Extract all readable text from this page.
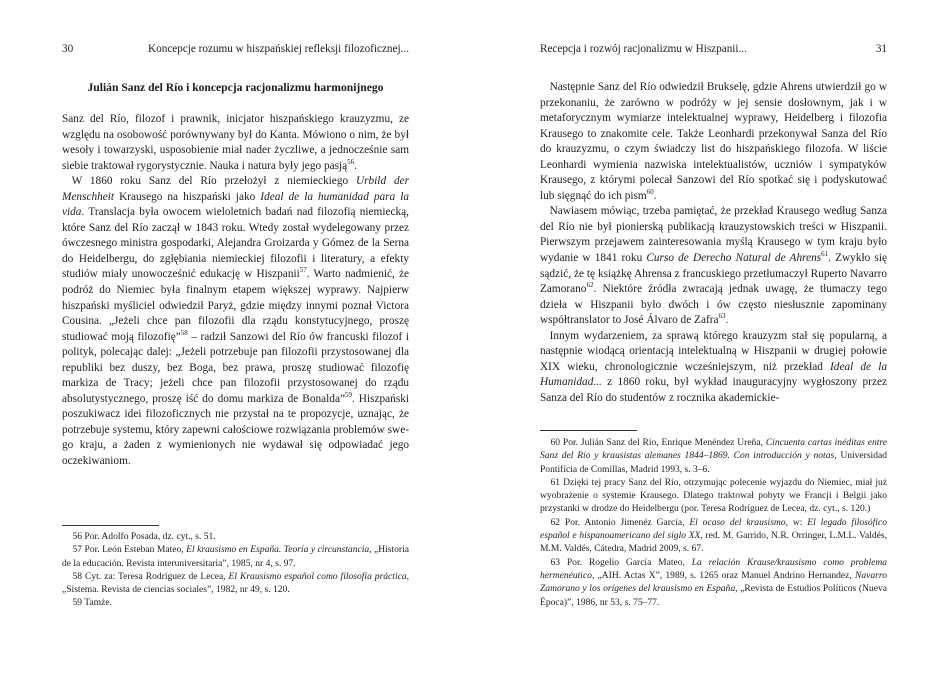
30	Koncepcje rozumu w hiszpańskiej refleksji filozoficznej...
Julián Sanz del Río i koncepcja racjonalizmu harmonijnego

Sanz del Río, filozof i prawnik, inicjator hiszpańskiego krauzyzmu, ze względu na osobowość porównywany był do Kanta. Mówiono o nim, że był wesoły i towarzyski, usposobienie miał nader życzliwe, a jednocześnie sam siebie traktował rygorystycznie. Nauka i natura były jego pasją$^{56}$.

W 1860 roku Sanz del Río przełożył z niemieckiego Urbild der Menschheit Krausego na hiszpański jako Ideal de la humanidad para la vida. Translacja była owocem wieloletnich badań nad filozofią niemiecką, które Sanz del Río zaczął w 1843 roku. Wtedy został wydelegowany przez ówczesnego ministra gospodarki, Alejandra Groizarda y Gómez de la Serna do Heidelbergu, do zgłębiania niemieckiej filozofii i literatury, a efekty studiów miały unowocześnić edukację w Hiszpanii$^{57}$. Warto nadmienić, że podróż do Niemiec była finalnym etapem większej wyprawy. Najpierw hiszpański myśliciel odwiedził Paryż, gdzie między innymi poznał Victora Cousina. „Jeżeli chce pan filozofii dla rządu konstytucyjnego, proszę studiować moją filozofię”$^{58}$ – radził Sanzowi del Río ów francuski filozof i polityk, polecając dalej: „Jeżeli potrzebuje pan filozofii przystosowanej dla republiki bez duszy, bez Boga, bez prawa, proszę studiować filozofię markiza de Tracy; jeżeli chce pan filozofii przystosowanej do rządu absolutystycznego, proszę iść do domu markiza de Bonalda”$^{59}$. Hiszpański poszukiwacz idei filozoficznych nie przystał na te propozycje, uznając, że potrzebuje systemu, który zapewni całościowe rozwiązania problemów swego kraju, a żaden z wymienionych nie wydawał się odpowiadać jego oczekiwaniom.

56 Por. Adolfo Posada, dz. cyt., s. 51.

57 Por. León Esteban Mateo, El krausismo en España. Teoría y circunstancia, „Historia de la educación. Revista interuniversitaria”, 1985, nr 4, s. 97.

58 Cyt. za: Teresa Rodríguez de Lecea, El Krausismo español como filosofía práctica, „Sistema. Revista de ciencias sociales”, 1982, nr 49, s. 120.

59 Tamże.

Recepcja i rozwój racjonalizmu w Hiszpanii...	31

Następnie Sanz del Río odwiedził Brukselę, gdzie Ahrens utwierdził go w przekonaniu, że zarówno w podróży w jej sensie dosłownym, jak i w metaforycznym wymiarze intelektualnej wyprawy, Heidelberg i filozofia Krausego to znakomite cele. Także Leonhardi przekonywał Sanza del Río do krauzyzmu, o czym świadczy list do hiszpańskiego filozofa. W liście Leonhardi wymienia nazwiska intelektualistów, uczniów i sympatyków Krausego, z którymi polecał Sanzowi del Río spotkać się i podyskutować lub sięgnąć do ich pism$^{60}$.

Nawiasem mówiąc, trzeba pamiętać, że przekład Krausego według Sanza del Río nie był pionierską publikacją krauzystowskich treści w Hiszpanii. Pierwszym przejawem zainteresowania myślą Krausego w tym kraju było wydanie w 1841 roku Curso de Derecho Natural de Ahrens$^{61}$. Zwykło się sądzić, że tę książkę Ahrensa z francuskiego przetłumaczył Ruperto Navarro Zamorano$^{62}$. Niektóre źródła zwracają jednak uwagę, że tłumaczy tego dzieła w Hiszpanii było dwóch i ów często niesłusznie zapominany współtranslator to José Álvaro de Zafra$^{63}$.

Innym wydarzeniem, za sprawą którego krauzyzm stał się popularną, a następnie wiodącą orientacją intelektualną w Hiszpanii w drugiej połowie XIX wieku, chronologicznie wcześniejszym, niż przekład Ideal de la Humanidad... z 1860 roku, był wykład inauguracyjny wygłoszony przez Sanza del Río do studentów z rocznika akademickie-

60 Por. Julián Sanz del Río, Enrique Menéndez Ureña, Cincuenta cartas inéditas entre Sanz del Río y krausistas alemanes 1844–1869. Con introducción y notas, Universidad Pontificia de Comillas, Madrid 1993, s. 3–6.

61 Dzięki tej pracy Sanz del Río, otrzymując polecenie wyjazdu do Niemiec, miał już wyobrażenie o systemie Krausego. Dlatego traktował pobyty we Francji i Belgii jako przystanki w drodze do Heidelbergu (por. Teresa Rodríguez de Lecea, dz. cyt., s. 120.)

62 Por. Antonio Jimenéz García, El ocaso del krausismo, w: El legado filosófico español e hispanoamericano del siglo XX, red. M. Garrido, N.R. Orringer, L.M.L. Valdés, M.M. Valdés, Cátedra, Madrid 2009, s. 67.

63 Por. Rogelio García Mateo, La relación Krause/krausismo como problema hermenéutico, „AIH. Actas X”, 1989, s. 1265 oraz Manuel Andrino Hernandez, Navarro Zamorano y los orígenes del krausismo en España, „Revista de Estudios Políticos (Nueva Época)”, 1986, nr 53, s. 75–77.
